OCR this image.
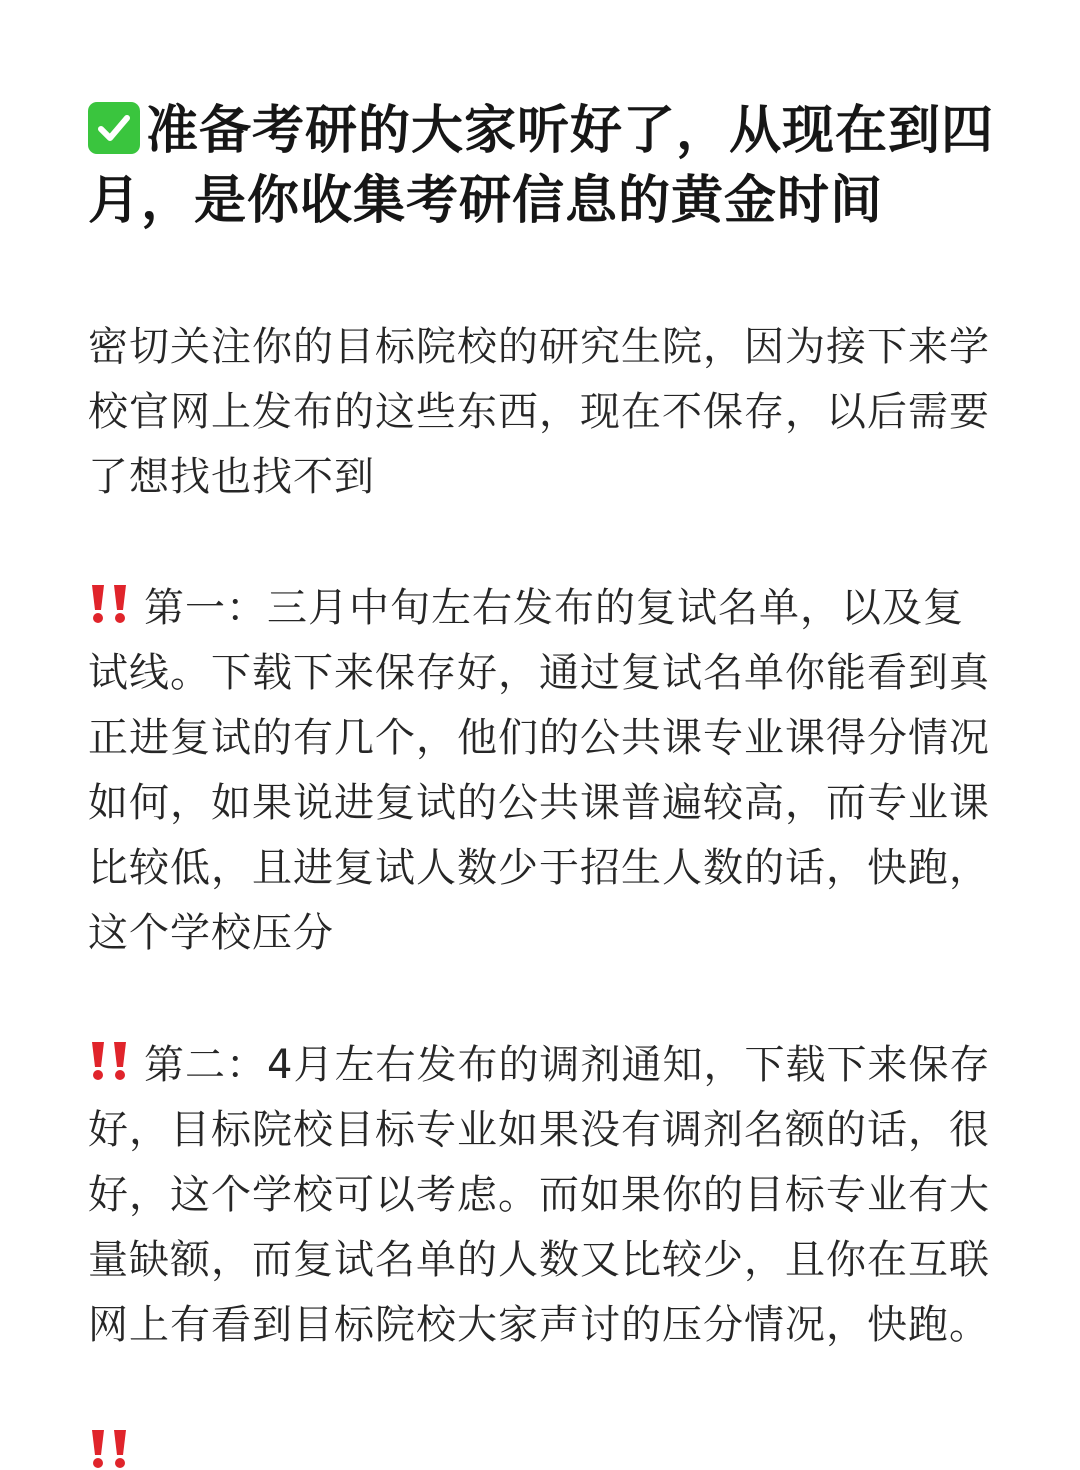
准备考研的大家听好了，从现在到四
月，是你收集考研信息的黄金时间
密切关注你的目标院校的研究生院，因为接下来学
校官网上发布的这些东西，现在不保存，以后需要
了想找也找不到
第一：三月中旬左右发布的复试名单，以及复
试线。下载下来保存好，通过复试名单你能看到真
正进复试的有几个，他们的公共课专业课得分情况
如何，如果说进复试的公共课普遍较高，而专业课
比较低，且进复试人数少于招生人数的话，快跑，
这个学校压分
第二：4月左右发布的调剂通知，下载下来保存
好，目标院校目标专业如果没有调剂名额的话，很
好，这个学校可以考虑。而如果你的目标专业有大
量缺额，而复试名单的人数又比较少，且你在互联
网上有看到目标院校大家声讨的压分情况，快跑。
